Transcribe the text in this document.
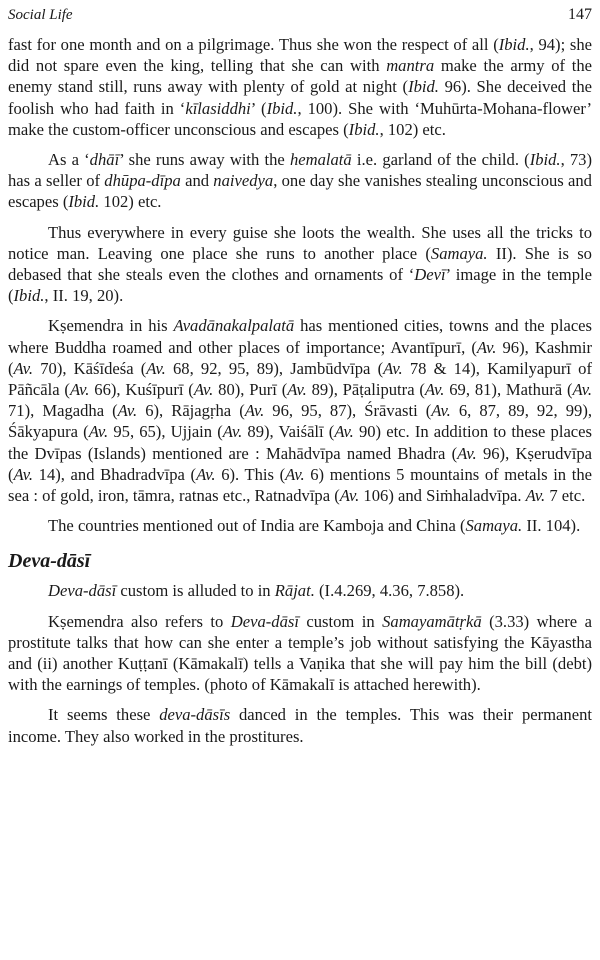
Social Life	147

fast for one month and on a pilgrimage. Thus she won the respect of all (Ibid., 94); she did not spare even the king, telling that she can with mantra make the army of the enemy stand still, runs away with plenty of gold at night (Ibid. 96). She deceived the foolish who had faith in ‘kīlasiddhi’ (Ibid., 100). She with ‘Muhūrta-Mohana-flower’ make the custom-officer unconscious and escapes (Ibid., 102) etc.

As a ‘dhāī’ she runs away with the hemalatā i.e. garland of the child. (Ibid., 73) has a seller of dhūpa-dīpa and naivedya, one day she vanishes stealing unconscious and escapes (Ibid. 102) etc.

Thus everywhere in every guise she loots the wealth. She uses all the tricks to notice man. Leaving one place she runs to another place (Samaya. II). She is so debased that she steals even the clothes and ornaments of ‘Devī’ image in the temple (Ibid., II. 19, 20).

Kṣemendra in his Avadānakalpalatā has mentioned cities, towns and the places where Buddha roamed and other places of importance; Avantīpurī, (Av. 96), Kashmir (Av. 70), Kāśīdeśa (Av. 68, 92, 95, 89), Jambūdvīpa (Av. 78 & 14), Kamilyapurī of Pāñcāla (Av. 66), Kuśīpurī (Av. 80), Purī (Av. 89), Pāṭaliputra (Av. 69, 81), Mathurā (Av. 71), Magadha (Av. 6), Rājagṛha (Av. 96, 95, 87), Śrāvasti (Av. 6, 87, 89, 92, 99), Śākyapura (Av. 95, 65), Ujjain (Av. 89), Vaiśālī (Av. 90) etc. In addition to these places the Dvīpas (Islands) mentioned are : Mahādvīpa named Bhadra (Av. 96), Kṣerudvīpa (Av. 14), and Bhadradvīpa (Av. 6). This (Av. 6) mentions 5 mountains of metals in the sea : of gold, iron, tāmra, ratnas etc., Ratnadvīpa (Av. 106) and Siṁhaladvīpa. Av. 7 etc.

The countries mentioned out of India are Kamboja and China (Samaya. II. 104).

Deva-dāsī

Deva-dāsī custom is alluded to in Rājat. (I.4.269, 4.36, 7.858).

Kṣemendra also refers to Deva-dāsī custom in Samayamātṛkā (3.33) where a prostitute talks that how can she enter a temple’s job without satisfying the Kāyastha and (ii) another Kuṭṭanī (Kāmakalī) tells a Vaṇika that she will pay him the bill (debt) with the earnings of temples. (photo of Kāmakalī is attached herewith).

It seems these deva-dāsīs danced in the temples. This was their permanent income. They also worked in the prostitures.
